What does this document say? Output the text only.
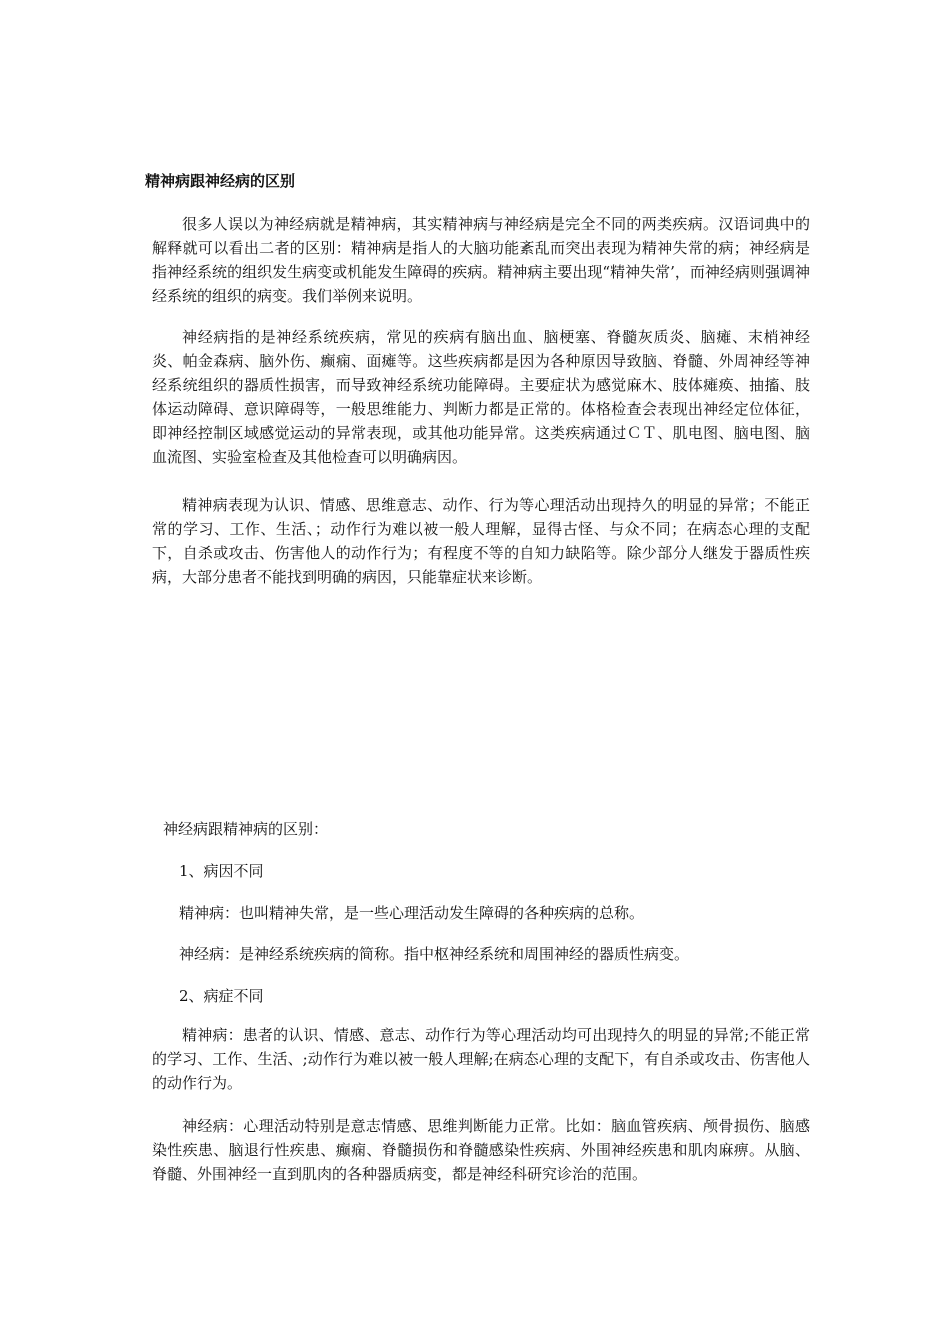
精神病跟神经病的区别

很多人误以为神经病就是精神病，其实精神病与神经病是完全不同的两类疾病。汉语词典中的解释就可以看出二者的区别：精神病是指人的大脑功能紊乱而突出表现为精神失常的病；神经病是指神经系统的组织发生病变或机能发生障碍的疾病。精神病主要出现“精神失常’，而神经病则强调神经系统的组织的病变。我们举例来说明。

神经病指的是神经系统疾病，常见的疾病有脑出血、脑梗塞、脊髓灰质炎、脑瘫、末梢神经炎、帕金森病、脑外伤、癫痫、面瘫等。这些疾病都是因为各种原因导致脑、脊髓、外周神经等神经系统组织的器质性损害，而导致神经系统功能障碍。主要症状为感觉麻木、肢体瘫痪、抽搐、肢体运动障碍、意识障碍等，一般思维能力、判断力都是正常的。体格检查会表现出神经定位体征，即神经控制区域感觉运动的异常表现，或其他功能异常。这类疾病通过ＣＴ、肌电图、脑电图、脑血流图、实验室检查及其他检查可以明确病因。

精神病表现为认识、情感、思维意志、动作、行为等心理活动出现持久的明显的异常；不能正常的学习、工作、生活、；动作行为难以被一般人理解，显得古怪、与众不同；在病态心理的支配下，自杀或攻击、伤害他人的动作行为；有程度不等的自知力缺陷等。除少部分人继发于器质性疾病，大部分患者不能找到明确的病因，只能靠症状来诊断。

神经病跟精神病的区别：

1、病因不同

精神病：也叫精神失常，是一些心理活动发生障碍的各种疾病的总称。

神经病：是神经系统疾病的简称。指中枢神经系统和周围神经的器质性病变。

2、病症不同

精神病：患者的认识、情感、意志、动作行为等心理活动均可出现持久的明显的异常;不能正常的学习、工作、生活、;动作行为难以被一般人理解;在病态心理的支配下，有自杀或攻击、伤害他人的动作行为。

神经病：心理活动特别是意志情感、思维判断能力正常。比如：脑血管疾病、颅骨损伤、脑感染性疾患、脑退行性疾患、癫痫、脊髓损伤和脊髓感染性疾病、外围神经疾患和肌肉麻痹。从脑、脊髓、外围神经一直到肌肉的各种器质病变，都是神经科研究诊治的范围。
